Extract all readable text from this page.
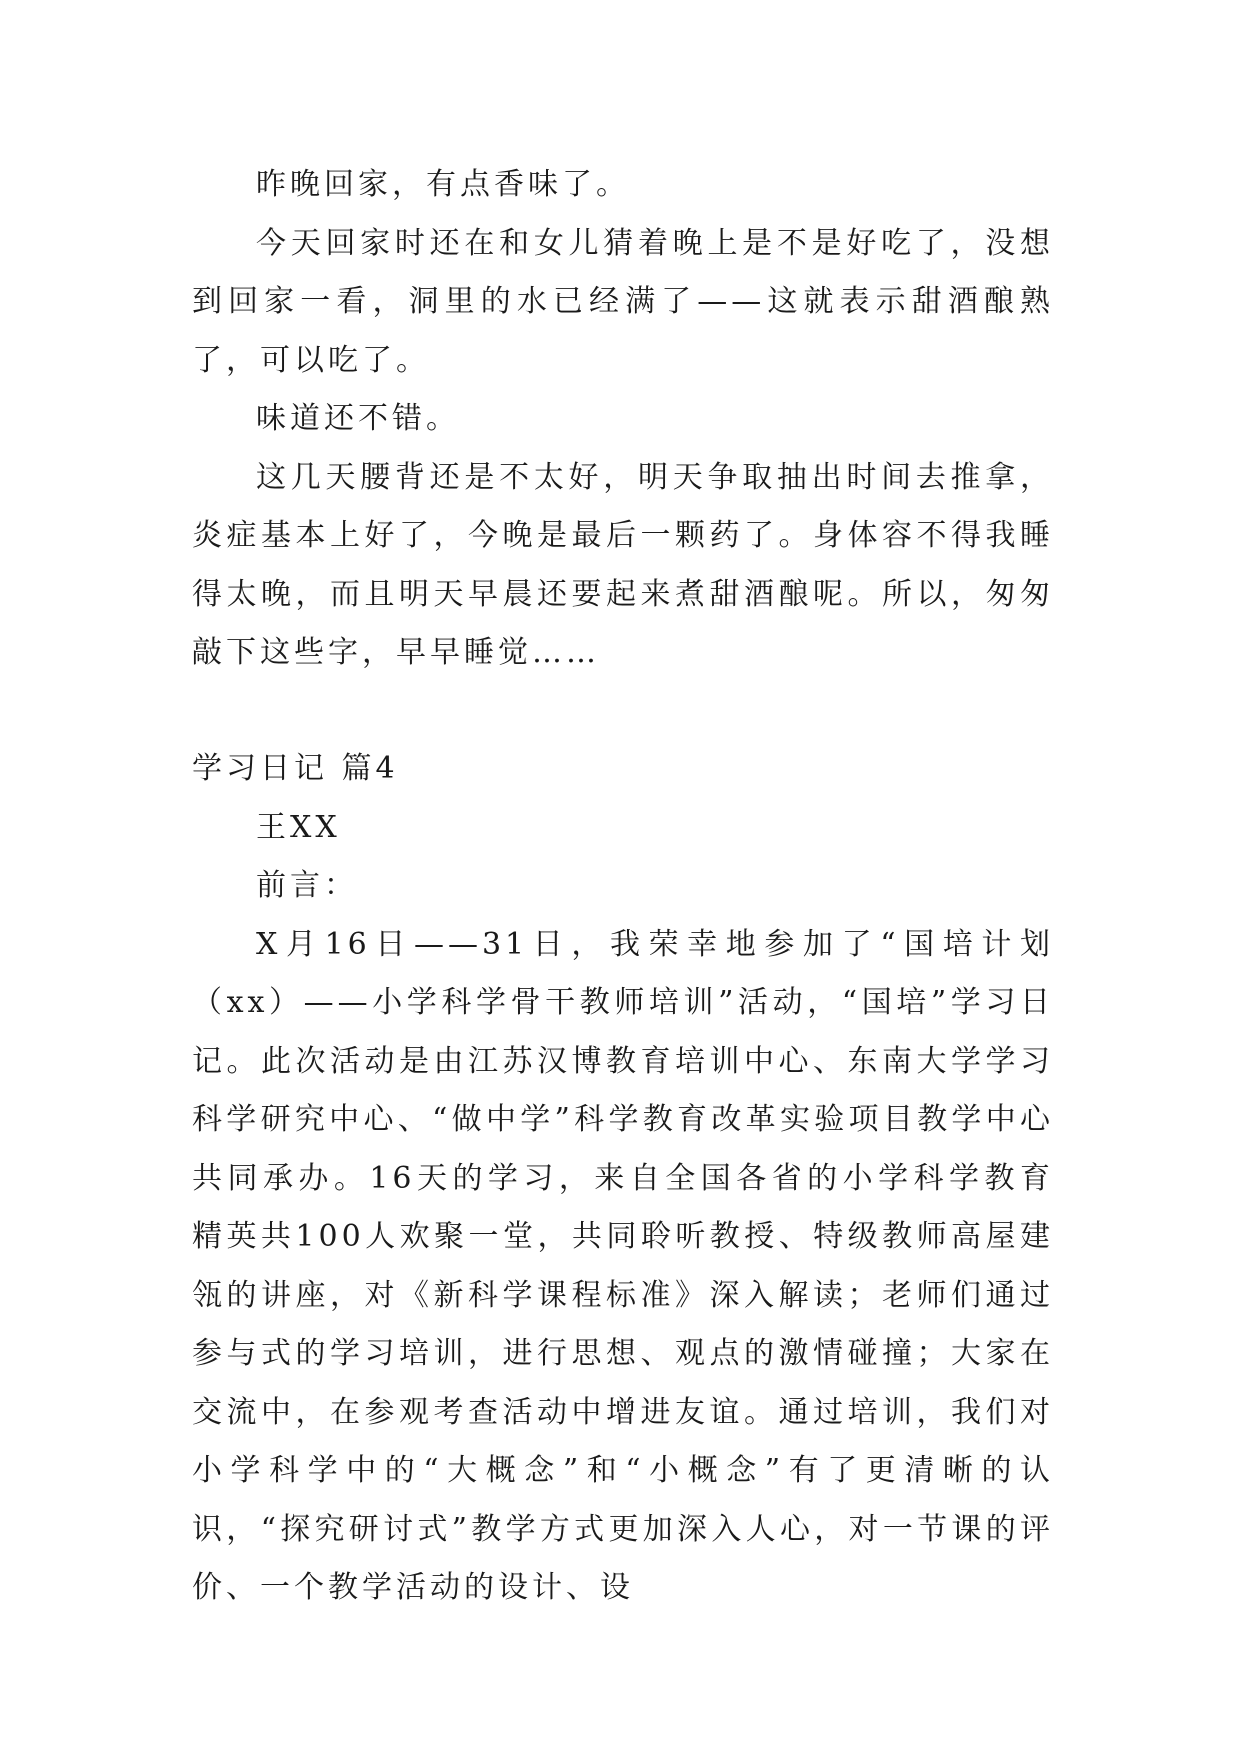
昨晚回家，有点香味了。

今天回家时还在和女儿猜着晚上是不是好吃了，没想到回家一看，洞里的水已经满了——这就表示甜酒酿熟了，可以吃了。

味道还不错。

这几天腰背还是不太好，明天争取抽出时间去推拿，炎症基本上好了，今晚是最后一颗药了。身体容不得我睡得太晚，而且明天早晨还要起来煮甜酒酿呢。所以，匆匆敲下这些字，早早睡觉……

学习日记 篇4

王XX

前言：

X月16日——31日，我荣幸地参加了“国培计划（xx）——小学科学骨干教师培训”活动，“国培”学习日记。此次活动是由江苏汉博教育培训中心、东南大学学习科学研究中心、“做中学”科学教育改革实验项目教学中心共同承办。16天的学习，来自全国各省的小学科学教育精英共100人欢聚一堂，共同聆听教授、特级教师高屋建瓴的讲座，对《新科学课程标准》深入解读；老师们通过参与式的学习培训，进行思想、观点的激情碰撞；大家在交流中，在参观考查活动中增进友谊。通过培训，我们对小学科学中的“大概念”和“小概念”有了更清晰的认识，“探究研讨式”教学方式更加深入人心，对一节课的评价、一个教学活动的设计、设
